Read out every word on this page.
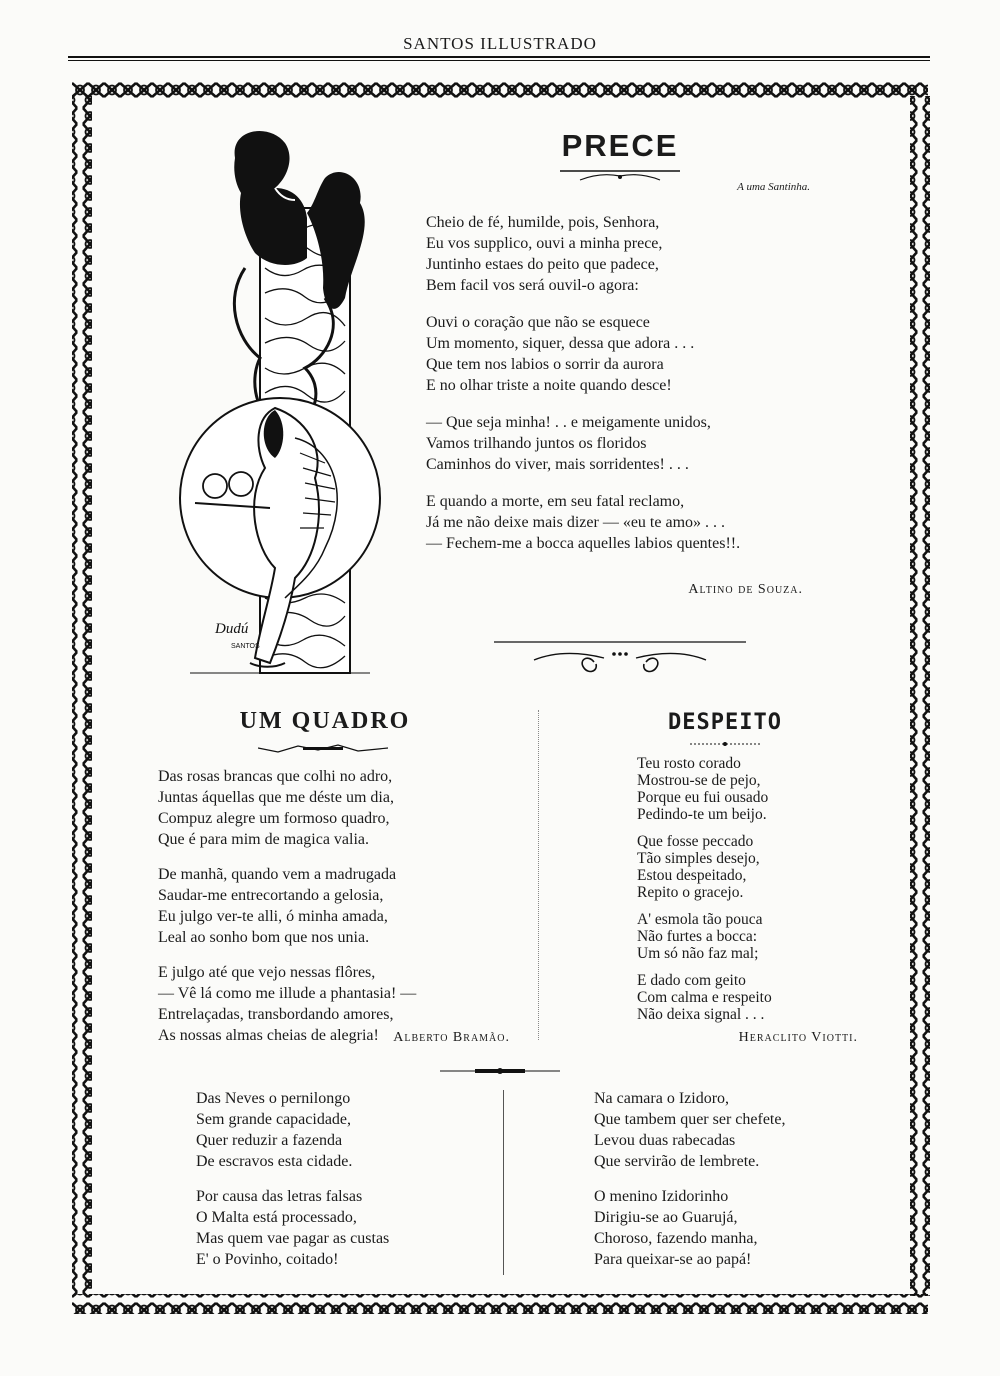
SANTOS ILLUSTRADO
Dudú
SANTOS
PRECE
A uma Santinha.
Cheio de fé, humilde, pois, Senhora,
Eu vos supplico, ouvi a minha prece,
Juntinho estaes do peito que padece,
Bem facil vos será ouvil-o agora:
Ouvi o coração que não se esquece
Um momento, siquer, dessa que adora . . .
Que tem nos labios o sorrir da aurora
E no olhar triste a noite quando desce!
— Que seja minha! . . e meigamente unidos,
Vamos trilhando juntos os floridos
Caminhos do viver, mais sorridentes! . . .
E quando a morte, em seu fatal reclamo,
Já me não deixe mais dizer — «eu te amo» . . .
— Fechem-me a bocca aquelles labios quentes!!.
Altino de Souza.
UM QUADRO
Das rosas brancas que colhi no adro,
Juntas áquellas que me déste um dia,
Compuz alegre um formoso quadro,
Que é para mim de magica valia.
De manhã, quando vem a madrugada
Saudar-me entrecortando a gelosia,
Eu julgo ver-te alli, ó minha amada,
Leal ao sonho bom que nos unia.
E julgo até que vejo nessas flôres,
— Vê lá como me illude a phantasia! —
Entrelaçadas, transbordando amores,
As nossas almas cheias de alegria!	Alberto Bramão.
DESPEITO
Teu rosto corado
Mostrou-se de pejo,
Porque eu fui ousado
Pedindo-te um beijo.
Que fosse peccado
Tão simples desejo,
Estou despeitado,
Repito o gracejo.
A' esmola tão pouca
Não furtes a bocca:
Um só não faz mal;
E dado com geito
Com calma e respeito
Não deixa signal . . .
Heraclito Viotti.
Das Neves o pernilongo
Sem grande capacidade,
Quer reduzir a fazenda
De escravos esta cidade.
Por causa das letras falsas
O Malta está processado,
Mas quem vae pagar as custas
E' o Povinho, coitado!
Na camara o Izidoro,
Que tambem quer ser chefete,
Levou duas rabecadas
Que servirão de lembrete.
O menino Izidorinho
Dirigiu-se ao Guarujá,
Choroso, fazendo manha,
Para queixar-se ao papá!
